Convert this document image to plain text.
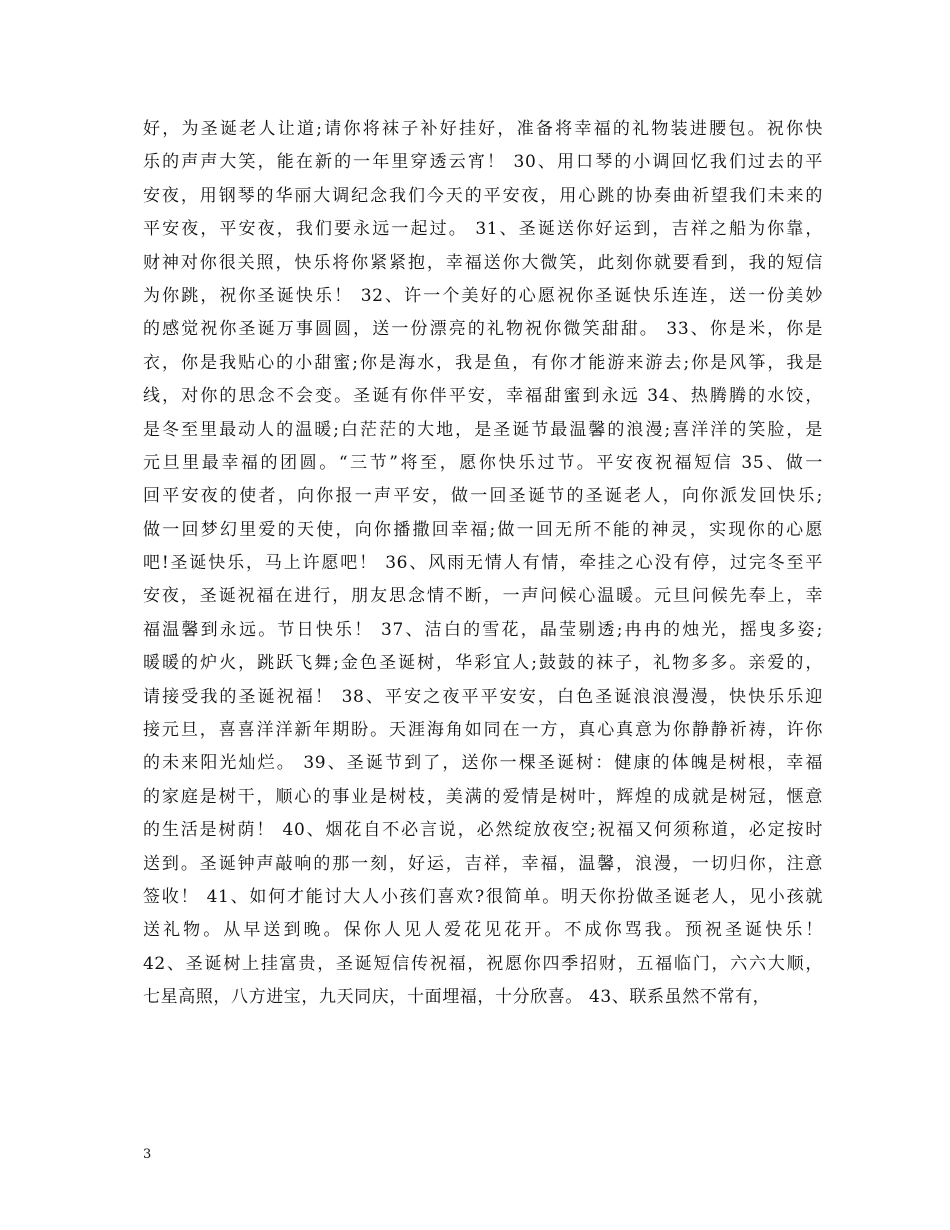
好，为圣诞老人让道;请你将袜子补好挂好，准备将幸福的礼物装进腰包。祝你快
乐的声声大笑，能在新的一年里穿透云宵！ 30、用口琴的小调回忆我们过去的平
安夜，用钢琴的华丽大调纪念我们今天的平安夜，用心跳的协奏曲祈望我们未来的
平安夜，平安夜，我们要永远一起过。 31、圣诞送你好运到，吉祥之船为你靠，
财神对你很关照，快乐将你紧紧抱，幸福送你大微笑，此刻你就要看到，我的短信
为你跳，祝你圣诞快乐！ 32、许一个美好的心愿祝你圣诞快乐连连，送一份美妙
的感觉祝你圣诞万事圆圆，送一份漂亮的礼物祝你微笑甜甜。 33、你是米，你是
衣，你是我贴心的小甜蜜;你是海水，我是鱼，有你才能游来游去;你是风筝，我是
线，对你的思念不会变。圣诞有你伴平安，幸福甜蜜到永远 34、热腾腾的水饺，
是冬至里最动人的温暖;白茫茫的大地，是圣诞节最温馨的浪漫;喜洋洋的笑脸，是
元旦里最幸福的团圆。“三节”将至，愿你快乐过节。平安夜祝福短信 35、做一
回平安夜的使者，向你报一声平安，做一回圣诞节的圣诞老人，向你派发回快乐;
做一回梦幻里爱的天使，向你播撒回幸福;做一回无所不能的神灵，实现你的心愿
吧!圣诞快乐，马上许愿吧！ 36、风雨无情人有情，牵挂之心没有停，过完冬至平
安夜，圣诞祝福在进行，朋友思念情不断，一声问候心温暖。元旦问候先奉上，幸
福温馨到永远。节日快乐！ 37、洁白的雪花，晶莹剔透;冉冉的烛光，摇曳多姿;
暖暖的炉火，跳跃飞舞;金色圣诞树，华彩宜人;鼓鼓的袜子，礼物多多。亲爱的，
请接受我的圣诞祝福！ 38、平安之夜平平安安，白色圣诞浪浪漫漫，快快乐乐迎
接元旦，喜喜洋洋新年期盼。天涯海角如同在一方，真心真意为你静静祈祷，许你
的未来阳光灿烂。 39、圣诞节到了，送你一棵圣诞树：健康的体魄是树根，幸福
的家庭是树干，顺心的事业是树枝，美满的爱情是树叶，辉煌的成就是树冠，惬意
的生活是树荫！ 40、烟花自不必言说，必然绽放夜空;祝福又何须称道，必定按时
送到。圣诞钟声敲响的那一刻，好运，吉祥，幸福，温馨，浪漫，一切归你，注意
签收！ 41、如何才能讨大人小孩们喜欢?很简单。明天你扮做圣诞老人，见小孩就
送礼物。从早送到晚。保你人见人爱花见花开。不成你骂我。预祝圣诞快乐！
42、圣诞树上挂富贵，圣诞短信传祝福，祝愿你四季招财，五福临门，六六大顺，
七星高照，八方进宝，九天同庆，十面埋福，十分欣喜。 43、联系虽然不常有，
3
